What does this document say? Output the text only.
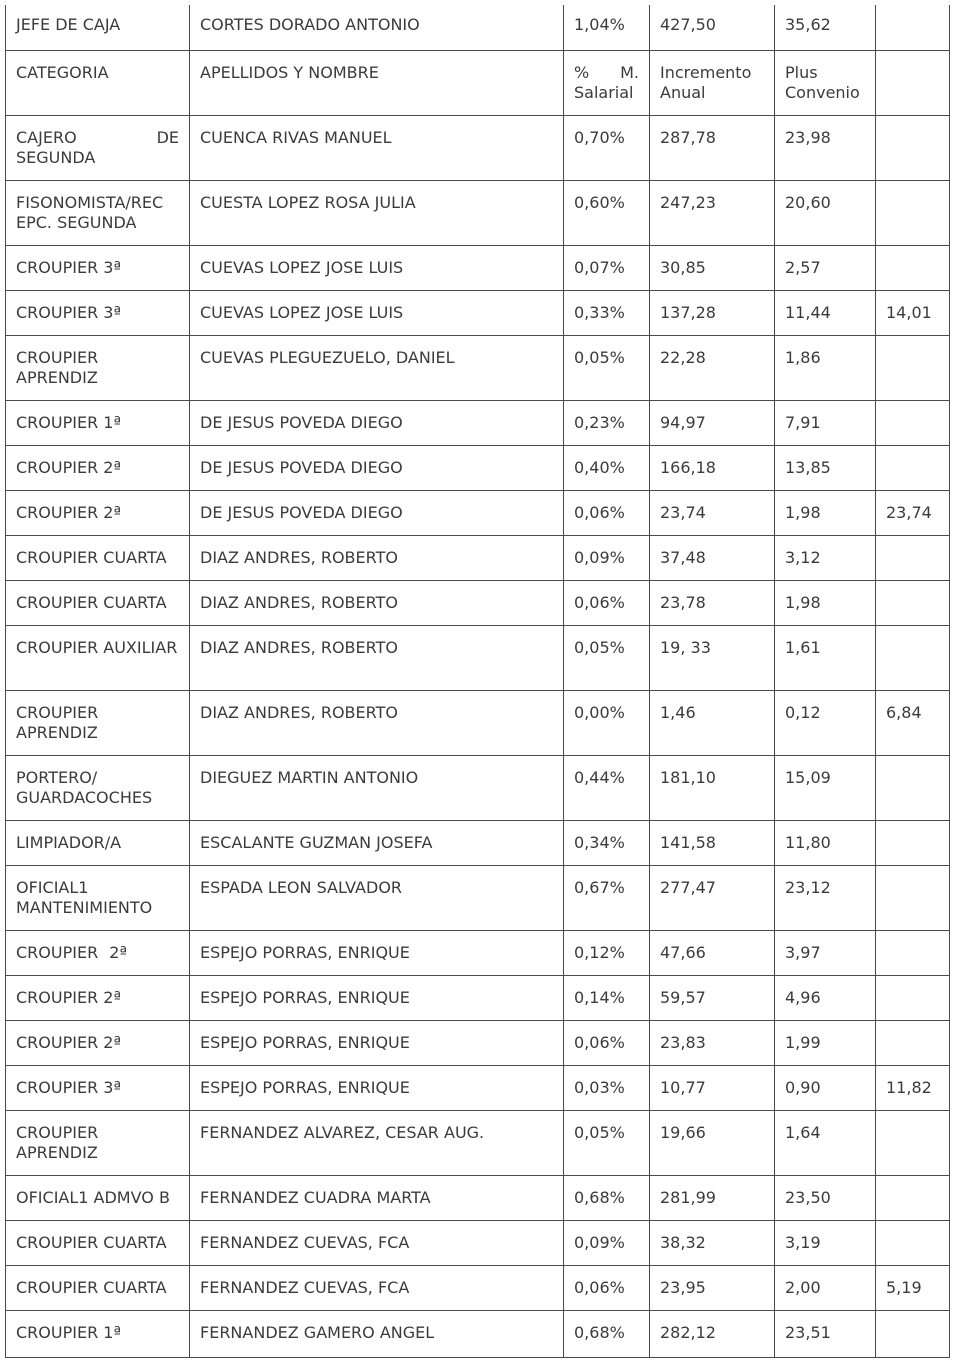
JEFE DE CAJA	CORTES DORADO ANTONIO	1,04%	427,50	35,62	
CATEGORIA	APELLIDOS Y NOMBRE	% M. Salarial	Incremento Anual	Plus Convenio	
CAJERO DE SEGUNDA	CUENCA RIVAS MANUEL	0,70%	287,78	23,98	
FISONOMISTA/REC EPC. SEGUNDA	CUESTA LOPEZ ROSA JULIA	0,60%	247,23	20,60	
CROUPIER 3ª	CUEVAS LOPEZ JOSE LUIS	0,07%	30,85	2,57	
CROUPIER 3ª	CUEVAS LOPEZ JOSE LUIS	0,33%	137,28	11,44	14,01
CROUPIER APRENDIZ	CUEVAS PLEGUEZUELO, DANIEL	0,05%	22,28	1,86	
CROUPIER 1ª	DE JESUS POVEDA DIEGO	0,23%	94,97	7,91	
CROUPIER 2ª	DE JESUS POVEDA DIEGO	0,40%	166,18	13,85	
CROUPIER 2ª	DE JESUS POVEDA DIEGO	0,06%	23,74	1,98	23,74
CROUPIER CUARTA	DIAZ ANDRES, ROBERTO	0,09%	37,48	3,12	
CROUPIER CUARTA	DIAZ ANDRES, ROBERTO	0,06%	23,78	1,98	
CROUPIER AUXILIAR	DIAZ ANDRES, ROBERTO	0,05%	19, 33	1,61	
CROUPIER APRENDIZ	DIAZ ANDRES, ROBERTO	0,00%	1,46	0,12	6,84
PORTERO/ GUARDACOCHES	DIEGUEZ MARTIN ANTONIO	0,44%	181,10	15,09	
LIMPIADOR/A	ESCALANTE GUZMAN JOSEFA	0,34%	141,58	11,80	
OFICIAL1 MANTENIMIENTO	ESPADA LEON SALVADOR	0,67%	277,47	23,12	
CROUPIER 2ª	ESPEJO PORRAS, ENRIQUE	0,12%	47,66	3,97	
CROUPIER 2ª	ESPEJO PORRAS, ENRIQUE	0,14%	59,57	4,96	
CROUPIER 2ª	ESPEJO PORRAS, ENRIQUE	0,06%	23,83	1,99	
CROUPIER 3ª	ESPEJO PORRAS, ENRIQUE	0,03%	10,77	0,90	11,82
CROUPIER APRENDIZ	FERNANDEZ ALVAREZ, CESAR AUG.	0,05%	19,66	1,64	
OFICIAL1 ADMVO B	FERNANDEZ CUADRA MARTA	0,68%	281,99	23,50	
CROUPIER CUARTA	FERNANDEZ CUEVAS, FCA	0,09%	38,32	3,19	
CROUPIER CUARTA	FERNANDEZ CUEVAS, FCA	0,06%	23,95	2,00	5,19
CROUPIER 1ª	FERNANDEZ GAMERO ANGEL	0,68%	282,12	23,51	
